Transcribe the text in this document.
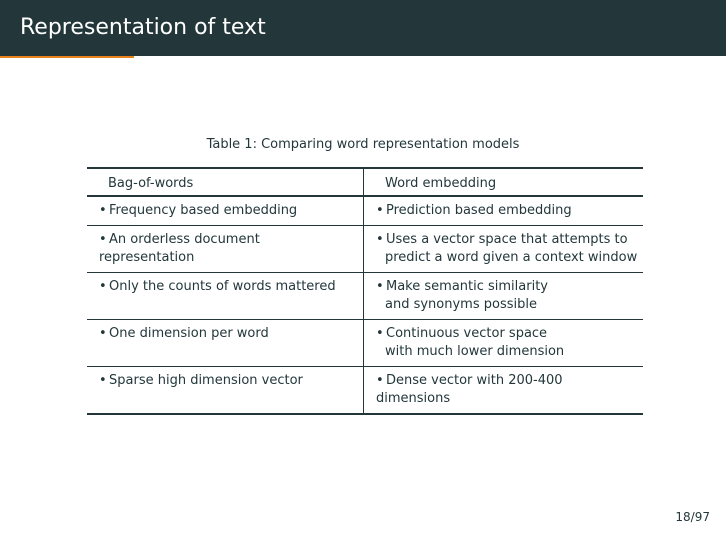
Representation of text
Table 1: Comparing word representation models
Bag-of-words	Word embedding
• Frequency based embedding	• Prediction based embedding
• An orderless document representation	• Uses a vector space that attempts to
predict a word given a context window

• Only the counts of words mattered	• Make semantic similarity
and synonyms possible

• One dimension per word	• Continuous vector space
with much lower dimension

• Sparse high dimension vector	• Dense vector with 200-400 dimensions
18/97
